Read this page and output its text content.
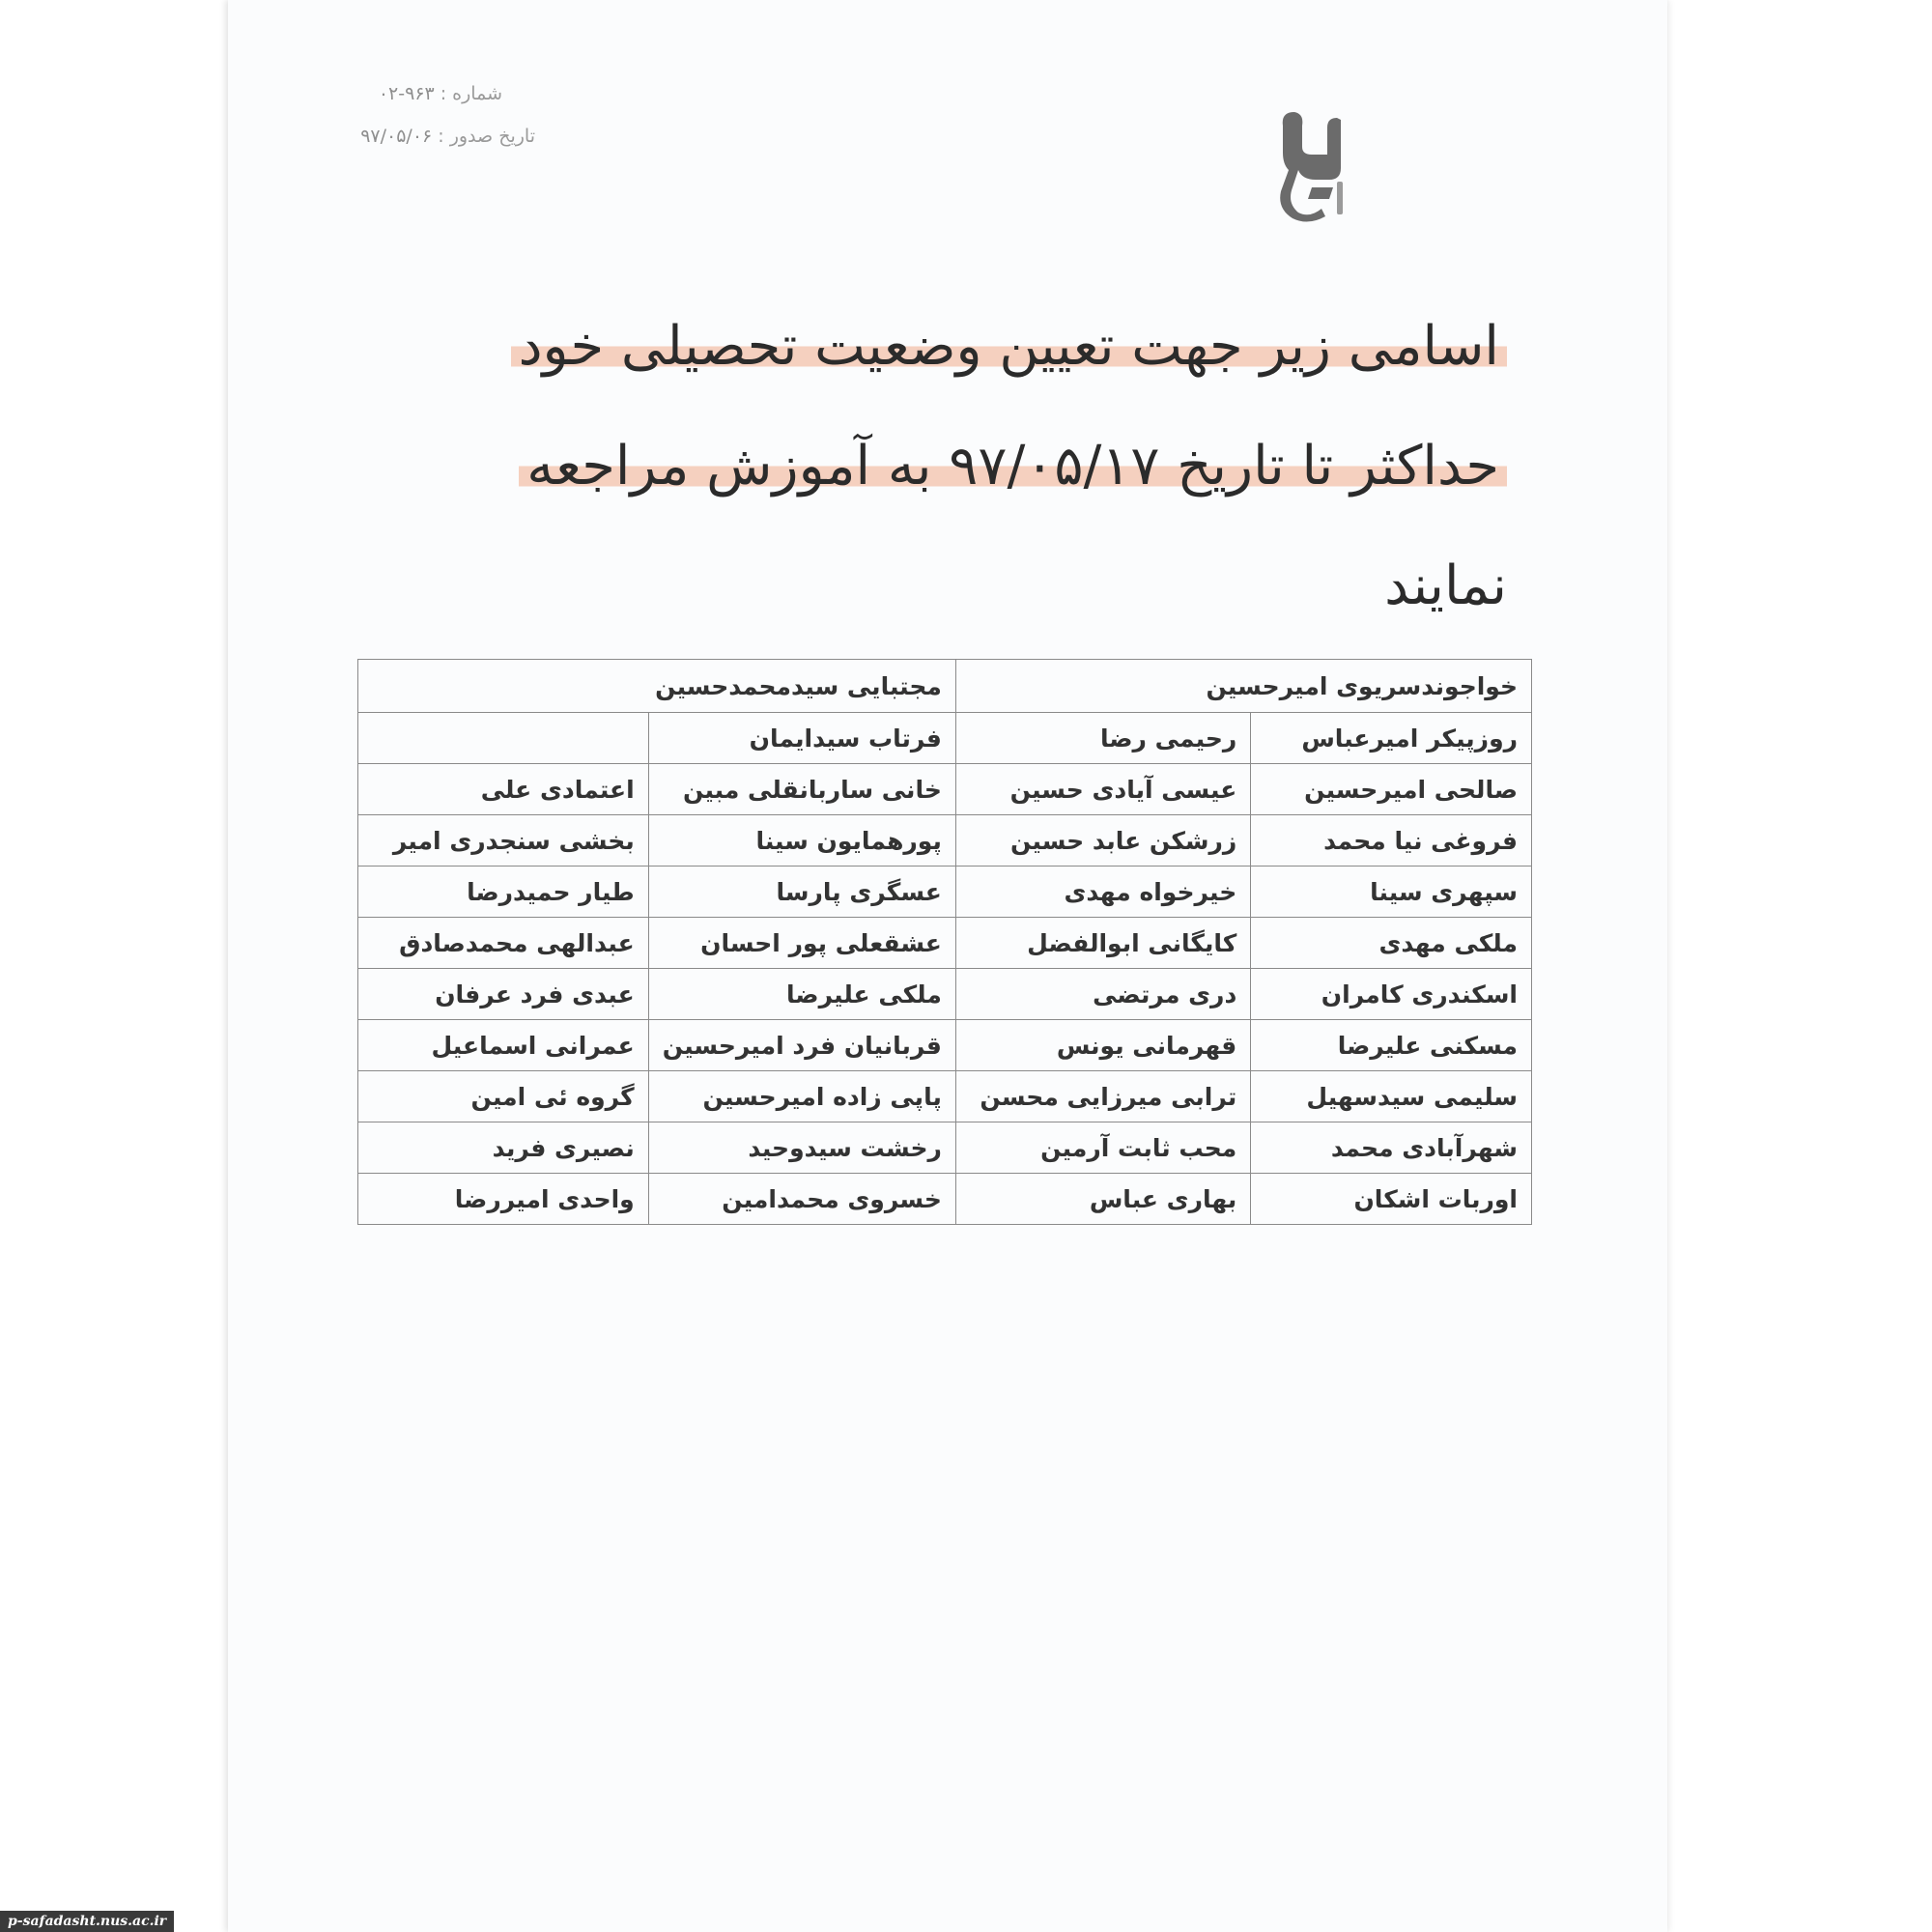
شماره :۹۶۳-۰۲
تاریخ صدور :۹۷/۰۵/۰۶
اسامی زیر جهت تعیین وضعیت تحصیلی خود
حداکثر تا تاریخ ۹۷/۰۵/۱۷ به آموزش مراجعه
نمایند
خواجوندسریوی امیرحسین		مجتبایی سیدمحمدحسین	
روزپیکر امیرعباس	رحیمی رضا	فرتاب سیدایمان	
صالحی امیرحسین	عیسی آیادی حسین	خانی ساربانقلی مبین	اعتمادی علی
فروغی نیا محمد	زرشکن عابد حسین	پورهمایون سینا	بخشی سنجدری امیر
سپهری سینا	خیرخواه مهدی	عسگری پارسا	طیار حمیدرضا
ملکی مهدی	کایگانی ابوالفضل	عشقعلی پور احسان	عبدالهی محمدصادق
اسکندری کامران	دری مرتضی	ملکی علیرضا	عبدی فرد عرفان
مسکنی علیرضا	قهرمانی یونس	قربانیان فرد امیرحسین	عمرانی اسماعیل
سلیمی سیدسهیل	ترابی میرزایی محسن	پاپی زاده امیرحسین	گروه ئی امین
شهرآبادی محمد	محب ثابت آرمین	رخشت سیدوحید	نصیری فرید
اوربات اشکان	بهاری عباس	خسروی محمدامین	واحدی امیررضا
p-safadasht.nus.ac.ir
